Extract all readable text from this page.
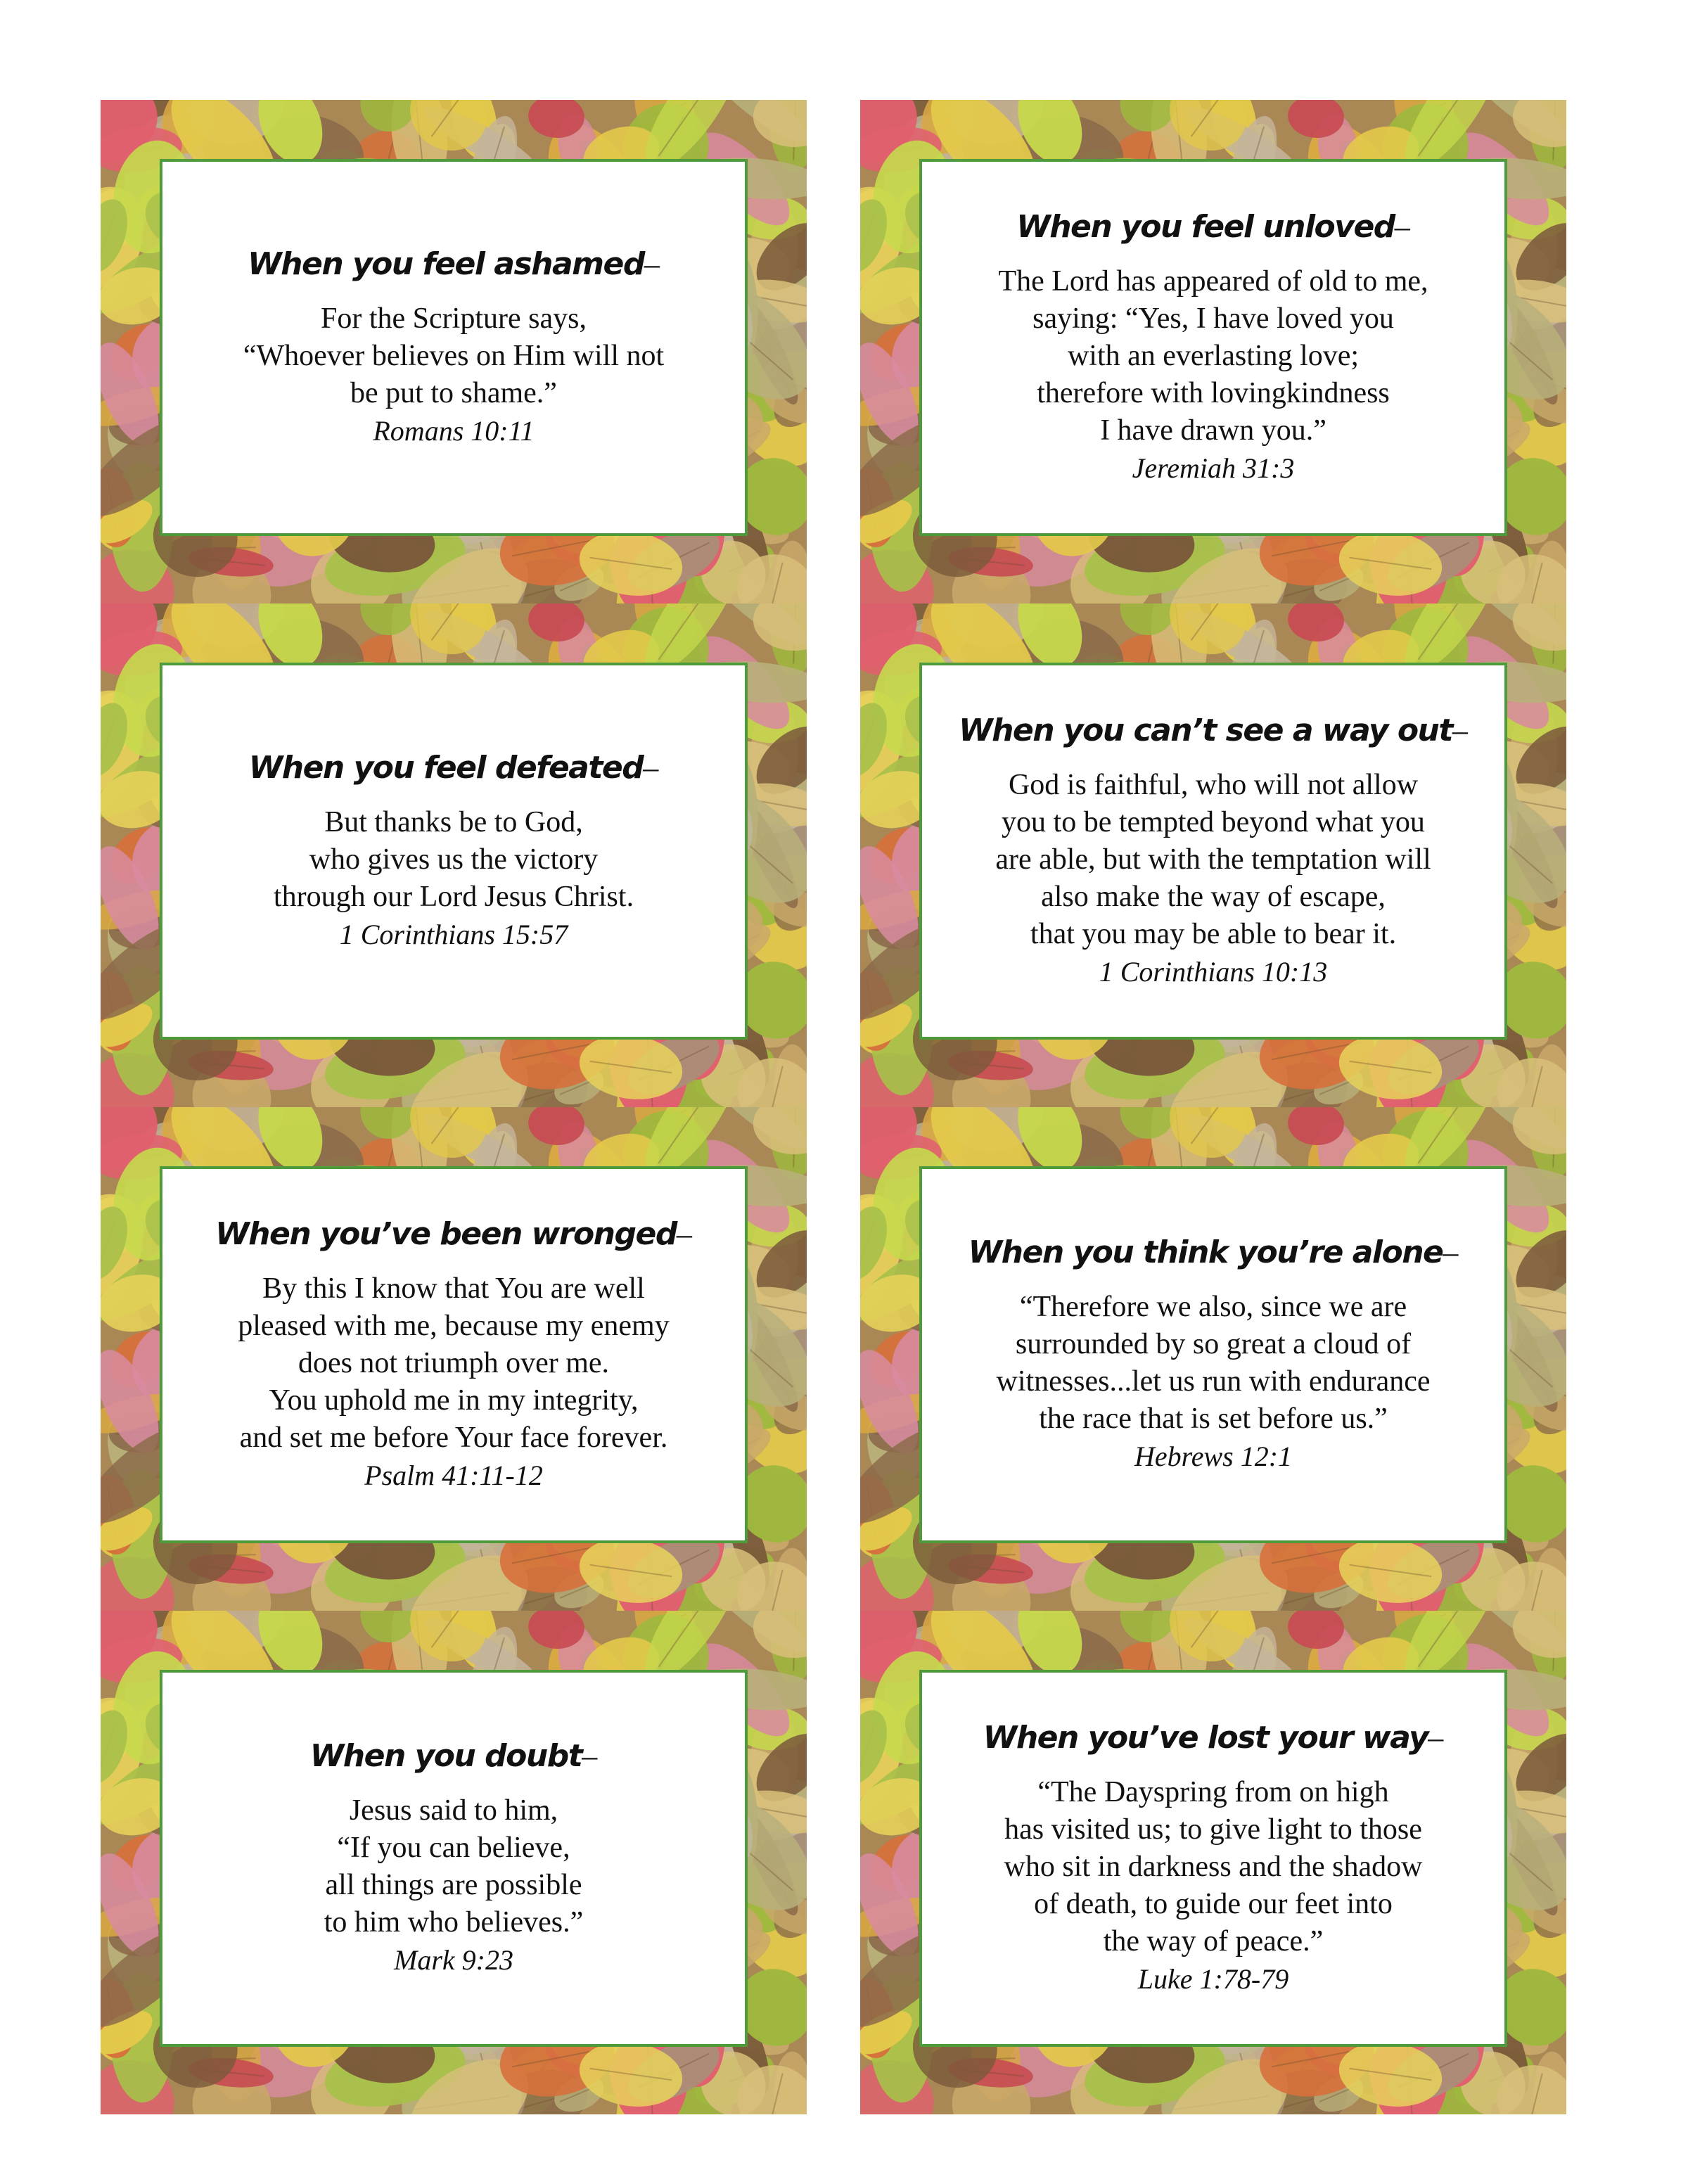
When you feel ashamed–
For the Scripture says,
“Whoever believes on Him will not
be put to shame.”
Romans 10:11
When you feel unloved–
The Lord has appeared of old to me,
saying: “Yes, I have loved you
with an everlasting love;
therefore with lovingkindness
I have drawn you.”
Jeremiah 31:3
When you feel defeated–
But thanks be to God,
who gives us the victory
through our Lord Jesus Christ.
1 Corinthians 15:57
When you can’t see a way out–
God is faithful, who will not allow
you to be tempted beyond what you
are able, but with the temptation will
also make the way of escape,
that you may be able to bear it.
1 Corinthians 10:13
When you’ve been wronged–
By this I know that You are well
pleased with me, because my enemy
does not triumph over me.
You uphold me in my integrity,
and set me before Your face forever.
Psalm 41:11-12
When you think you’re alone–
“Therefore we also, since we are
surrounded by so great a cloud of
witnesses...let us run with endurance
the race that is set before us.”
Hebrews 12:1
When you doubt–
Jesus said to him,
“If you can believe,
all things are possible
to him who believes.”
Mark 9:23
When you’ve lost your way–
“The Dayspring from on high
has visited us; to give light to those
who sit in darkness and the shadow
of death, to guide our feet into
the way of peace.”
Luke 1:78-79
